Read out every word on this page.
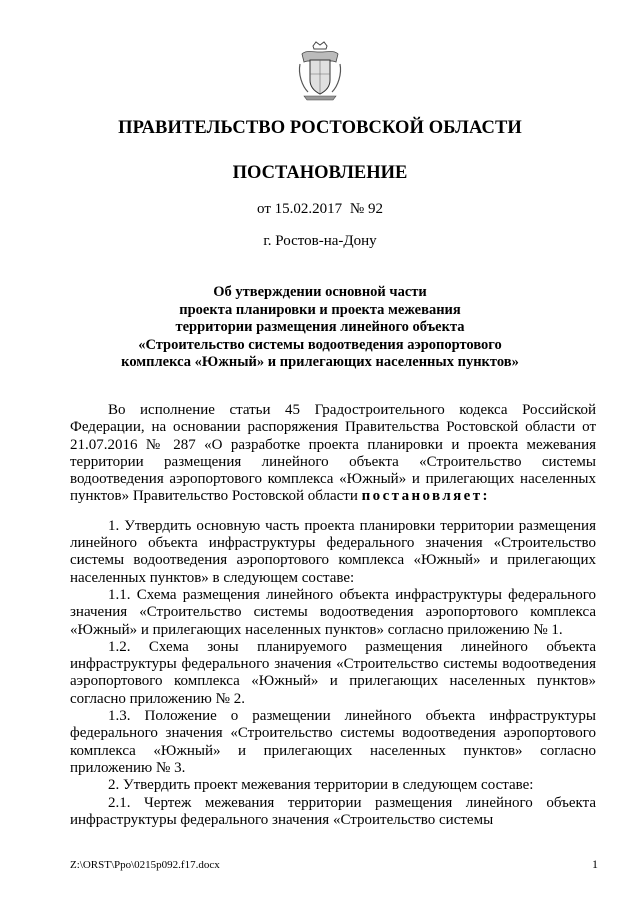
ПРАВИТЕЛЬСТВО РОСТОВСКОЙ ОБЛАСТИ
ПОСТАНОВЛЕНИЕ
от 15.02.2017 № 92
г. Ростов-на-Дону
Об утверждении основной части
проекта планировки и проекта межевания
территории размещения линейного объекта
«Строительство системы водоотведения аэропортового
комплекса «Южный» и прилегающих населенных пунктов»

Во исполнение статьи 45 Градостроительного кодекса Российской Федерации, на основании распоряжения Правительства Ростовской области от 21.07.2016 № 287 «О разработке проекта планировки и проекта межевания территории размещения линейного объекта «Строительство системы водоотведения аэропортового комплекса «Южный» и прилегающих населенных пунктов» Правительство Ростовской области постановляет:

1. Утвердить основную часть проекта планировки территории размещения линейного объекта инфраструктуры федерального значения «Строительство системы водоотведения аэропортового комплекса «Южный» и прилегающих населенных пунктов» в следующем составе:

1.1. Схема размещения линейного объекта инфраструктуры федерального значения «Строительство системы водоотведения аэропортового комплекса «Южный» и прилегающих населенных пунктов» согласно приложению № 1.

1.2. Схема зоны планируемого размещения линейного объекта инфраструктуры федерального значения «Строительство системы водоотведения аэропортового комплекса «Южный» и прилегающих населенных пунктов» согласно приложению № 2.

1.3. Положение о размещении линейного объекта инфраструктуры федерального значения «Строительство системы водоотведения аэропортового комплекса «Южный» и прилегающих населенных пунктов» согласно приложению № 3.

2. Утвердить проект межевания территории в следующем составе:

2.1. Чертеж межевания территории размещения линейного объекта инфраструктуры федерального значения «Строительство системы

Z:\ORST\Ppo\0215p092.f17.docx	1
